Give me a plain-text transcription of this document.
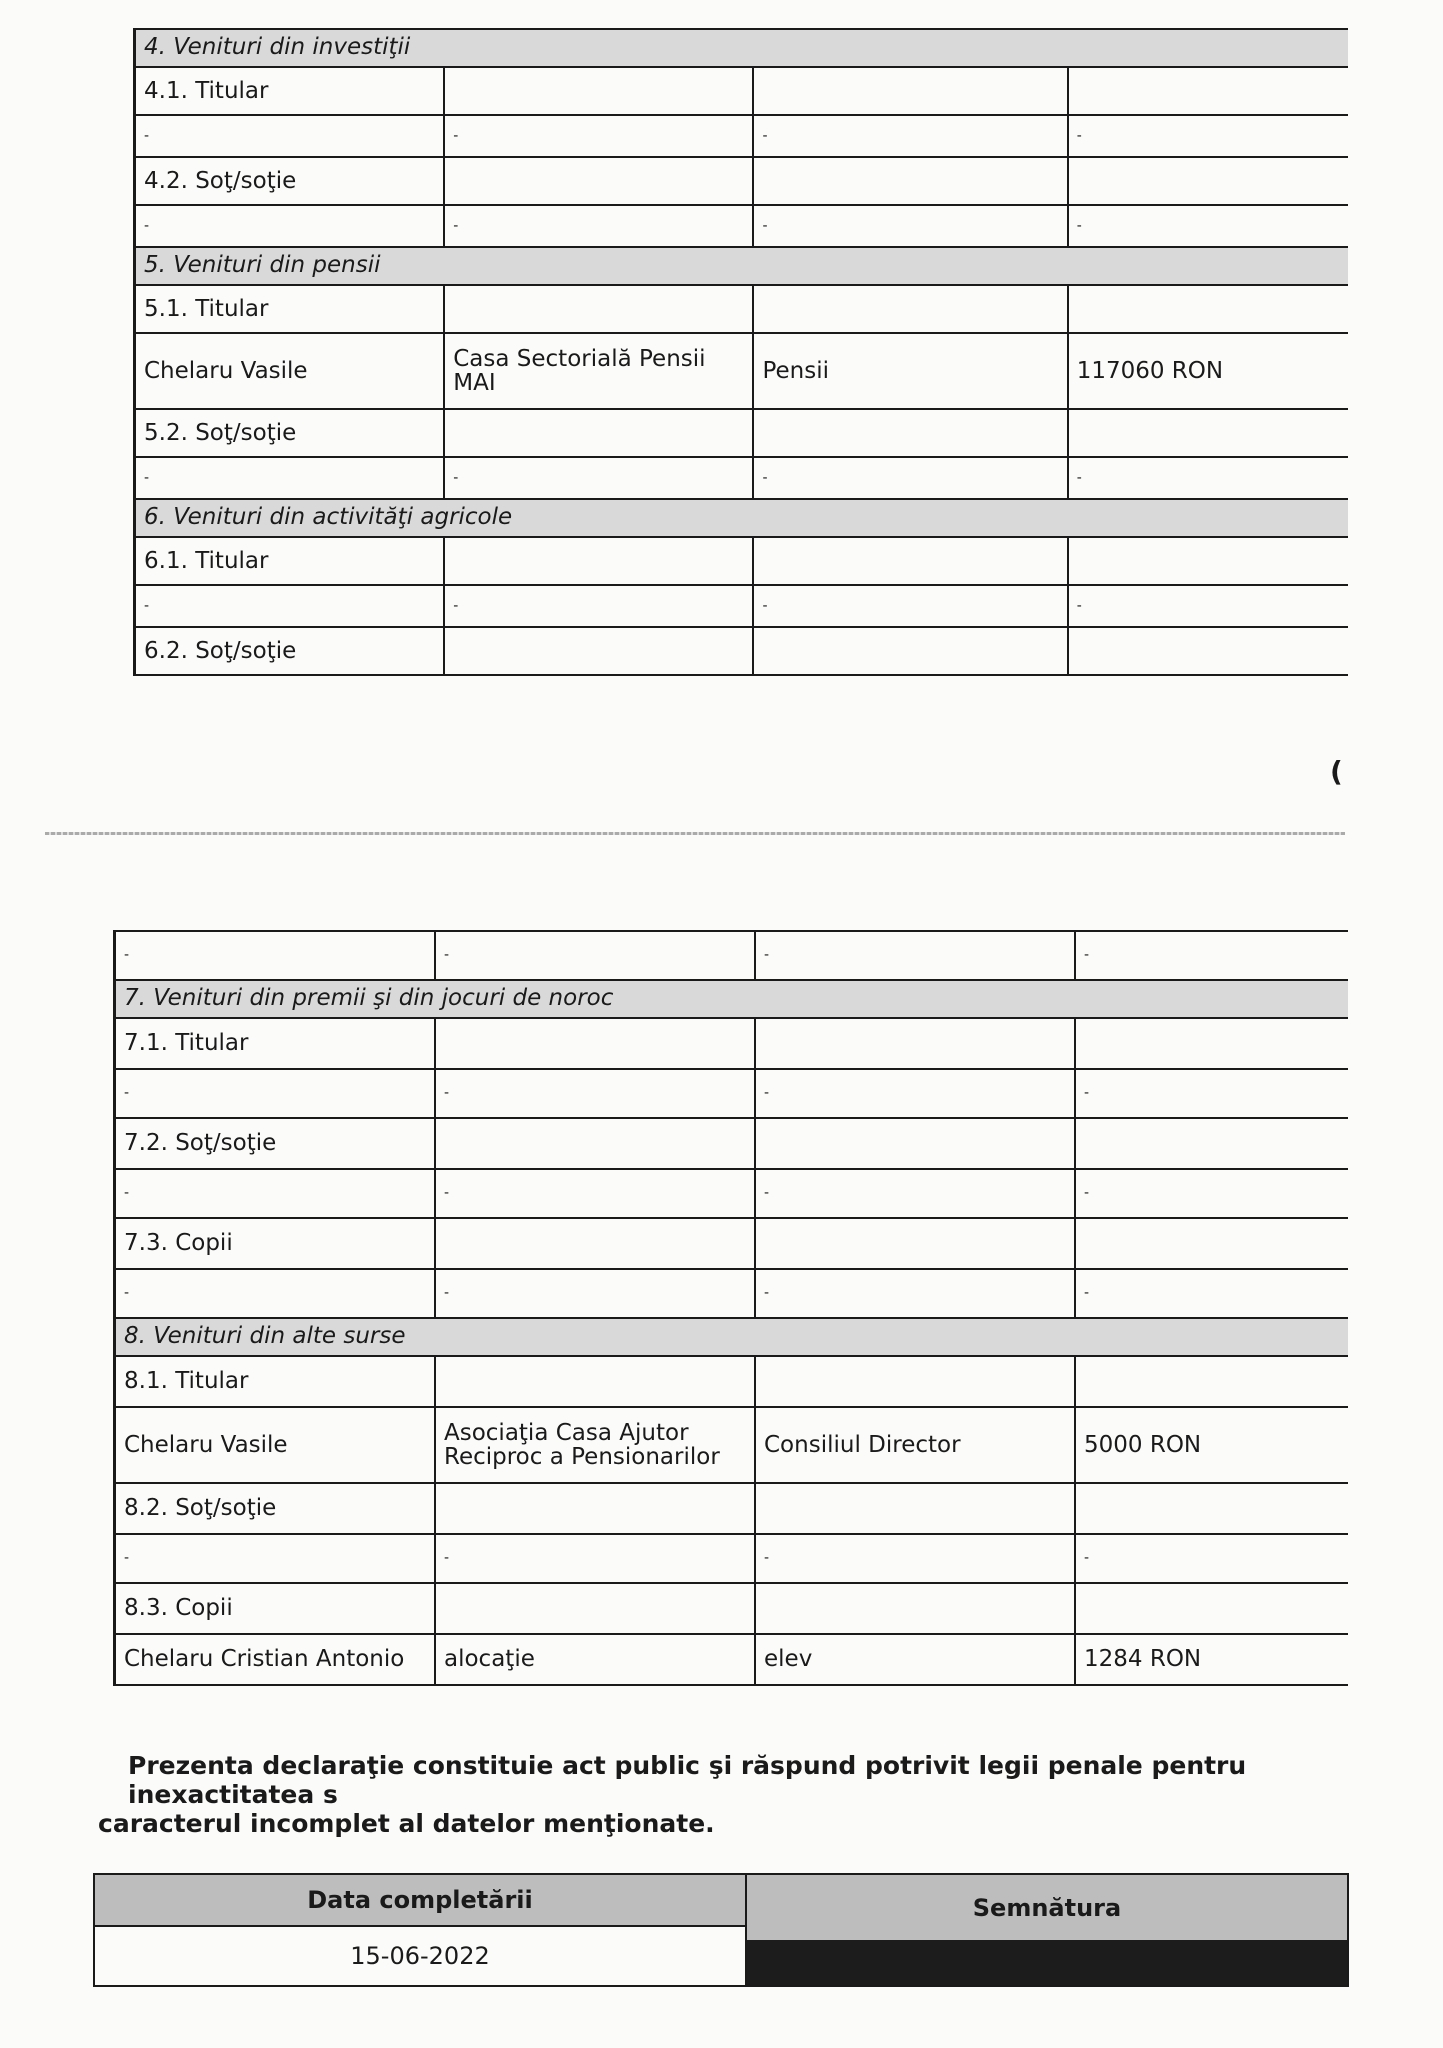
4. Venituri din investiţii
4.1. Titular
-	-	-	-
4.2. Soţ/soţie
-	-	-	-
5. Venituri din pensii
5.1. Titular
Chelaru Vasile	Casa Sectorială Pensii MAI	Pensii	117060 RON
5.2. Soţ/soţie
-	-	-	-
6. Venituri din activităţi agricole
6.1. Titular
-	-	-	-
6.2. Soţ/soţie
(
-	-	-	-
7. Venituri din premii şi din jocuri de noroc
7.1. Titular
-	-	-	-
7.2. Soţ/soţie
-	-	-	-
7.3. Copii
-	-	-	-
8. Venituri din alte surse
8.1. Titular
Chelaru Vasile	Asociaţia Casa Ajutor Reciproc a Pensionarilor	Consiliul Director	5000 RON
8.2. Soţ/soţie
-	-	-	-
8.3. Copii
Chelaru Cristian Antonio	alocaţie	elev	1284 RON
Prezenta declaraţie constituie act public şi răspund potrivit legii penale pentru inexactitatea s
caracterul incomplet al datelor menţionate.
Data completării
15-06-2022
Semnătura
